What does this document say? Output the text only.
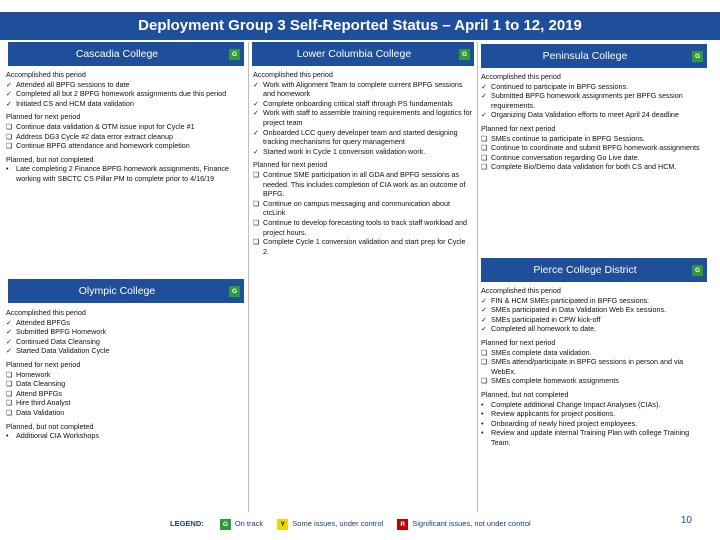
Deployment Group 3 Self-Reported Status – April 1 to 12, 2019
Cascadia College	G
Accomplished this period
✓ Attended all BPFG sessions to date
✓ Completed all but 2 BPFG homework assignments due this period
✓ Initiated CS and HCM data validation
Planned for next period
❏ Continue data validation & OTM issue input for Cycle #1
❏ Address DG3 Cycle #2 data error extract cleanup
❏ Continue BPFG attendance and homework completion
Planned, but not completed
•	Late completing 2 Finance BPFG homework assignments, Finance working with SBCTC CS Pillar PM to complete prior to 4/16/19
Olympic College	G
Accomplished this period
✓ Attended BPFGs
✓ Submitted BPFG Homework
✓ Continued Data Cleansing
✓ Started Data Validation Cycle
Planned for next period
❏ Homework
❏ Data Cleansing
❏ Attend BPFGs
❏ Hire third Analyst
❏ Data Validation
Planned, but not completed
•	Additional CIA Workshops
Lower Columbia College	G
Accomplished this period
✓ Work with Alignment Team to complete current BPFG sessions and homework
✓ Complete onboarding critical staff through PS fundamentals
✓ Work with staff to assemble training requirements and logistics for project team
✓ Onboarded LCC query developer team and started designing tracking mechanisms for query management
✓ Started work in Cycle 1 conversion validation work.
Planned for next period
❏ Continue SME participation in all GDA and BPFG sessions as needed. This includes completion of CIA work as an outcome of BPFG.
❏ Continue on campus messaging and communication about ctcLink
❏ Continue to develop forecasting tools to track staff workload and project hours.
❏ Complete Cycle 1 conversion validation and start prep for Cycle 2.
Peninsula College	G
Accomplished this period
✓ Continued to participate in BPFG sessions.
✓ Submitted BPFG homework assignments per BPFG session requirements.
✓ Organizing Data Validation efforts to meet April 24 deadline
Planned for next period
❏ SMEs continue to participate in BPFG Sessions.
❏ Continue to coordinate and submit BPFG homework assignments
❏ Continue conversation regarding Go Live date.
❏ Complete Bio/Demo data validation for both CS and HCM.
Pierce College District	G
Accomplished this period
✓ FIN & HCM SMEs participated in BPFG sessions.
✓ SMEs participated in Data Validation Web Ex sessions.
✓ SMEs participated in CPW kick-off
✓ Completed all homework to date.
Planned for next period
❏ SMEs complete data validation.
❏ SMEs attend/participate in BPFG sessions in person and via WebEx.
❏ SMEs complete homework assignments
Planned, but not completed
•	Complete additional Change Impact Analyses (CIAs).
•	Review applicants for project positions.
•	Onboarding of newly hired project employees.
•	Review and update internal Training Plan with college Training Team.
LEGEND:	G On track	Y Some issues, under control	R Significant issues, not under control	10
